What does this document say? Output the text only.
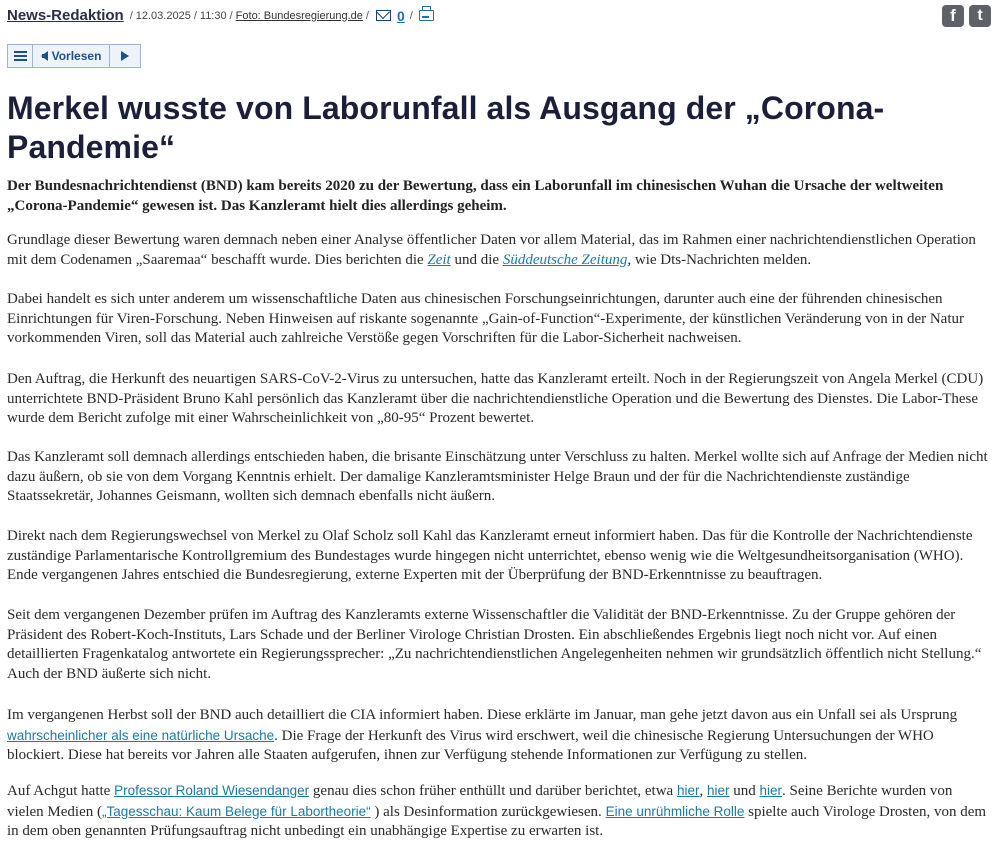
News-Redaktion / 12.03.2025 / 11:30 / Foto: Bundesregierung.de / 0 /	f t
Vorlesen
Merkel wusste von Laborunfall als Ausgang der „Corona-Pandemie“

Der Bundesnachrichtendienst (BND) kam bereits 2020 zu der Bewertung, dass ein Laborunfall im chinesischen Wuhan die Ursache der weltweiten „Corona-Pandemie“ gewesen ist. Das Kanzleramt hielt dies allerdings geheim.

Grundlage dieser Bewertung waren demnach neben einer Analyse öffentlicher Daten vor allem Material, das im Rahmen einer nachrichtendienstlichen Operation mit dem Codenamen „Saaremaa“ beschafft wurde. Dies berichten die Zeit und die Süddeutsche Zeitung, wie Dts-Nachrichten melden.

Dabei handelt es sich unter anderem um wissenschaftliche Daten aus chinesischen Forschungseinrichtungen, darunter auch eine der führenden chinesischen Einrichtungen für Viren-Forschung. Neben Hinweisen auf riskante sogenannte „Gain-of-Function“-Experimente, der künstlichen Veränderung von in der Natur vorkommenden Viren, soll das Material auch zahlreiche Verstöße gegen Vorschriften für die Labor-Sicherheit nachweisen.

Den Auftrag, die Herkunft des neuartigen SARS-CoV-2-Virus zu untersuchen, hatte das Kanzleramt erteilt. Noch in der Regierungszeit von Angela Merkel (CDU) unterrichtete BND-Präsident Bruno Kahl persönlich das Kanzleramt über die nachrichtendienstliche Operation und die Bewertung des Dienstes. Die Labor-These wurde dem Bericht zufolge mit einer Wahrscheinlichkeit von „80-95“ Prozent bewertet.

Das Kanzleramt soll demnach allerdings entschieden haben, die brisante Einschätzung unter Verschluss zu halten. Merkel wollte sich auf Anfrage der Medien nicht dazu äußern, ob sie von dem Vorgang Kenntnis erhielt. Der damalige Kanzleramtsminister Helge Braun und der für die Nachrichtendienste zuständige Staatssekretär, Johannes Geismann, wollten sich demnach ebenfalls nicht äußern.

Direkt nach dem Regierungswechsel von Merkel zu Olaf Scholz soll Kahl das Kanzleramt erneut informiert haben. Das für die Kontrolle der Nachrichtendienste zuständige Parlamentarische Kontrollgremium des Bundestages wurde hingegen nicht unterrichtet, ebenso wenig wie die Weltgesundheitsorganisation (WHO). Ende vergangenen Jahres entschied die Bundesregierung, externe Experten mit der Überprüfung der BND-Erkenntnisse zu beauftragen.

Seit dem vergangenen Dezember prüfen im Auftrag des Kanzleramts externe Wissenschaftler die Validität der BND-Erkenntnisse. Zu der Gruppe gehören der Präsident des Robert-Koch-Instituts, Lars Schade und der Berliner Virologe Christian Drosten. Ein abschließendes Ergebnis liegt noch nicht vor. Auf einen detaillierten Fragenkatalog antwortete ein Regierungssprecher: „Zu nachrichtendienstlichen Angelegenheiten nehmen wir grundsätzlich öffentlich nicht Stellung.“ Auch der BND äußerte sich nicht.

Im vergangenen Herbst soll der BND auch detailliert die CIA informiert haben. Diese erklärte im Januar, man gehe jetzt davon aus ein Unfall sei als Ursprung wahrscheinlicher als eine natürliche Ursache. Die Frage der Herkunft des Virus wird erschwert, weil die chinesische Regierung Untersuchungen der WHO blockiert. Diese hat bereits vor Jahren alle Staaten aufgerufen, ihnen zur Verfügung stehende Informationen zur Verfügung zu stellen.

Auf Achgut hatte Professor Roland Wiesendanger genau dies schon früher enthüllt und darüber berichtet, etwa hier, hier und hier. Seine Berichte wurden von vielen Medien („Tagesschau: Kaum Belege für Labortheorie“ ) als Desinformation zurückgewiesen. Eine unrühmliche Rolle spielte auch Virologe Drosten, von dem in dem oben genannten Prüfungsauftrag nicht unbedingt ein unabhängige Expertise zu erwarten ist.
